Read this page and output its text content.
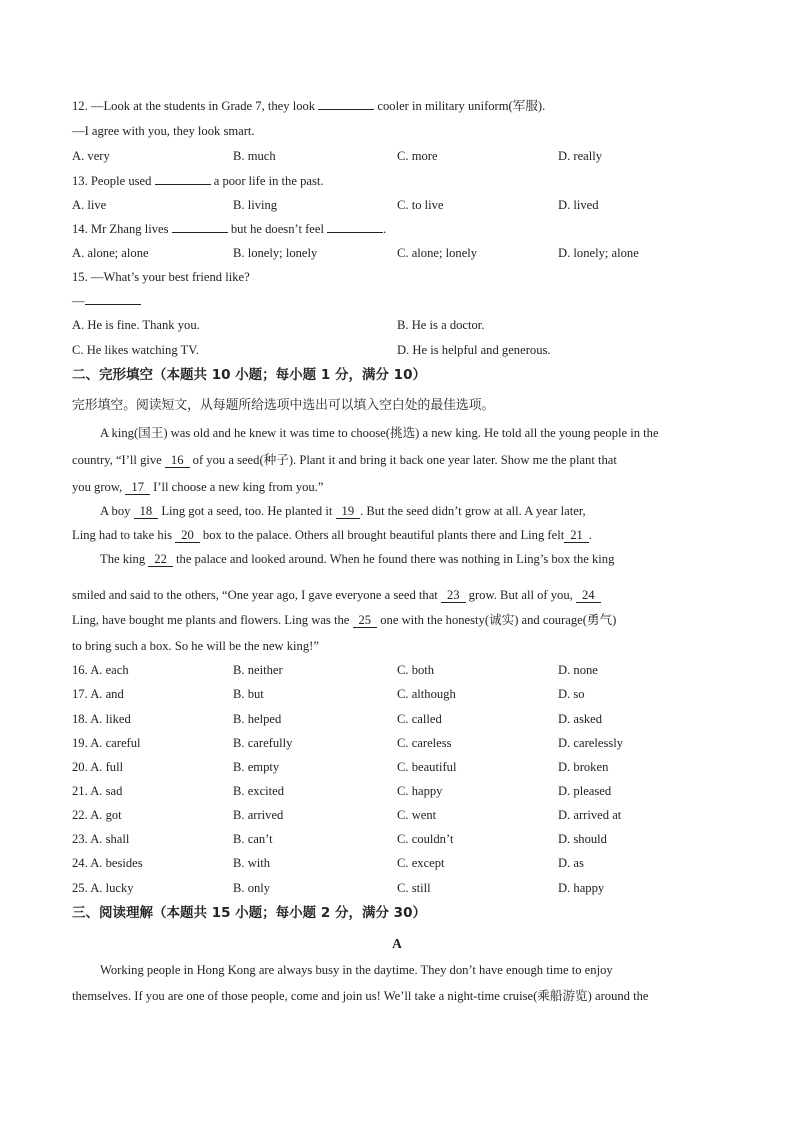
12. —Look at the students in Grade 7, they look	cooler in military uniform(军服).
—I agree with you, they look smart.
A. very	B. much	C. more	D. really
13. People used	a poor life in the past.
A. live	B. living	C. to live	D. lived
14. Mr Zhang lives	but he doesn’t feel	.
A. alone; alone	B. lonely; lonely	C. alone; lonely	D. lonely; alone
15. —What’s your best friend like?
—
A. He is fine. Thank you.	B. He is a doctor.
C. He likes watching TV.	D. He is helpful and generous.
二、完形填空（本题共 10 小题；每小题 1 分，满分 10）
完形填空。阅读短文，从每题所给选项中选出可以填入空白处的最佳选项。
A king(国王) was old and he knew it was time to choose(挑选) a new king. He told all the young people in the
country, “I’ll give 16 of you a seed(种子). Plant it and bring it back one year later. Show me the plant that
you grow, 17 I’ll choose a new king from you.”
A boy 18 Ling got a seed, too. He planted it 19 . But the seed didn’t grow at all. A year later,
Ling had to take his 20 box to the palace. Others all brought beautiful plants there and Ling felt 21 .
The king 22 the palace and looked around. When he found there was nothing in Ling’s box the king
smiled and said to the others, “One year ago, I gave everyone a seed that 23 grow. But all of you, 24
Ling, have bought me plants and flowers. Ling was the 25 one with the honesty(诚实) and courage(勇气)
to bring such a box. So he will be the new king!”
16. A. each	B. neither	C. both	D. none
17. A. and	B. but	C. although	D. so
18. A. liked	B. helped	C. called	D. asked
19. A. careful	B. carefully	C. careless	D. carelessly
20. A. full	B. empty	C. beautiful	D. broken
21. A. sad	B. excited	C. happy	D. pleased
22. A. got	B. arrived	C. went	D. arrived at
23. A. shall	B. can’t	C. couldn’t	D. should
24. A. besides	B. with	C. except	D. as
25. A. lucky	B. only	C. still	D. happy
三、阅读理解（本题共 15 小题；每小题 2 分，满分 30）
A
Working people in Hong Kong are always busy in the daytime. They don’t have enough time to enjoy
themselves. If you are one of those people, come and join us! We’ll take a night-time cruise(乘船游览) around the
